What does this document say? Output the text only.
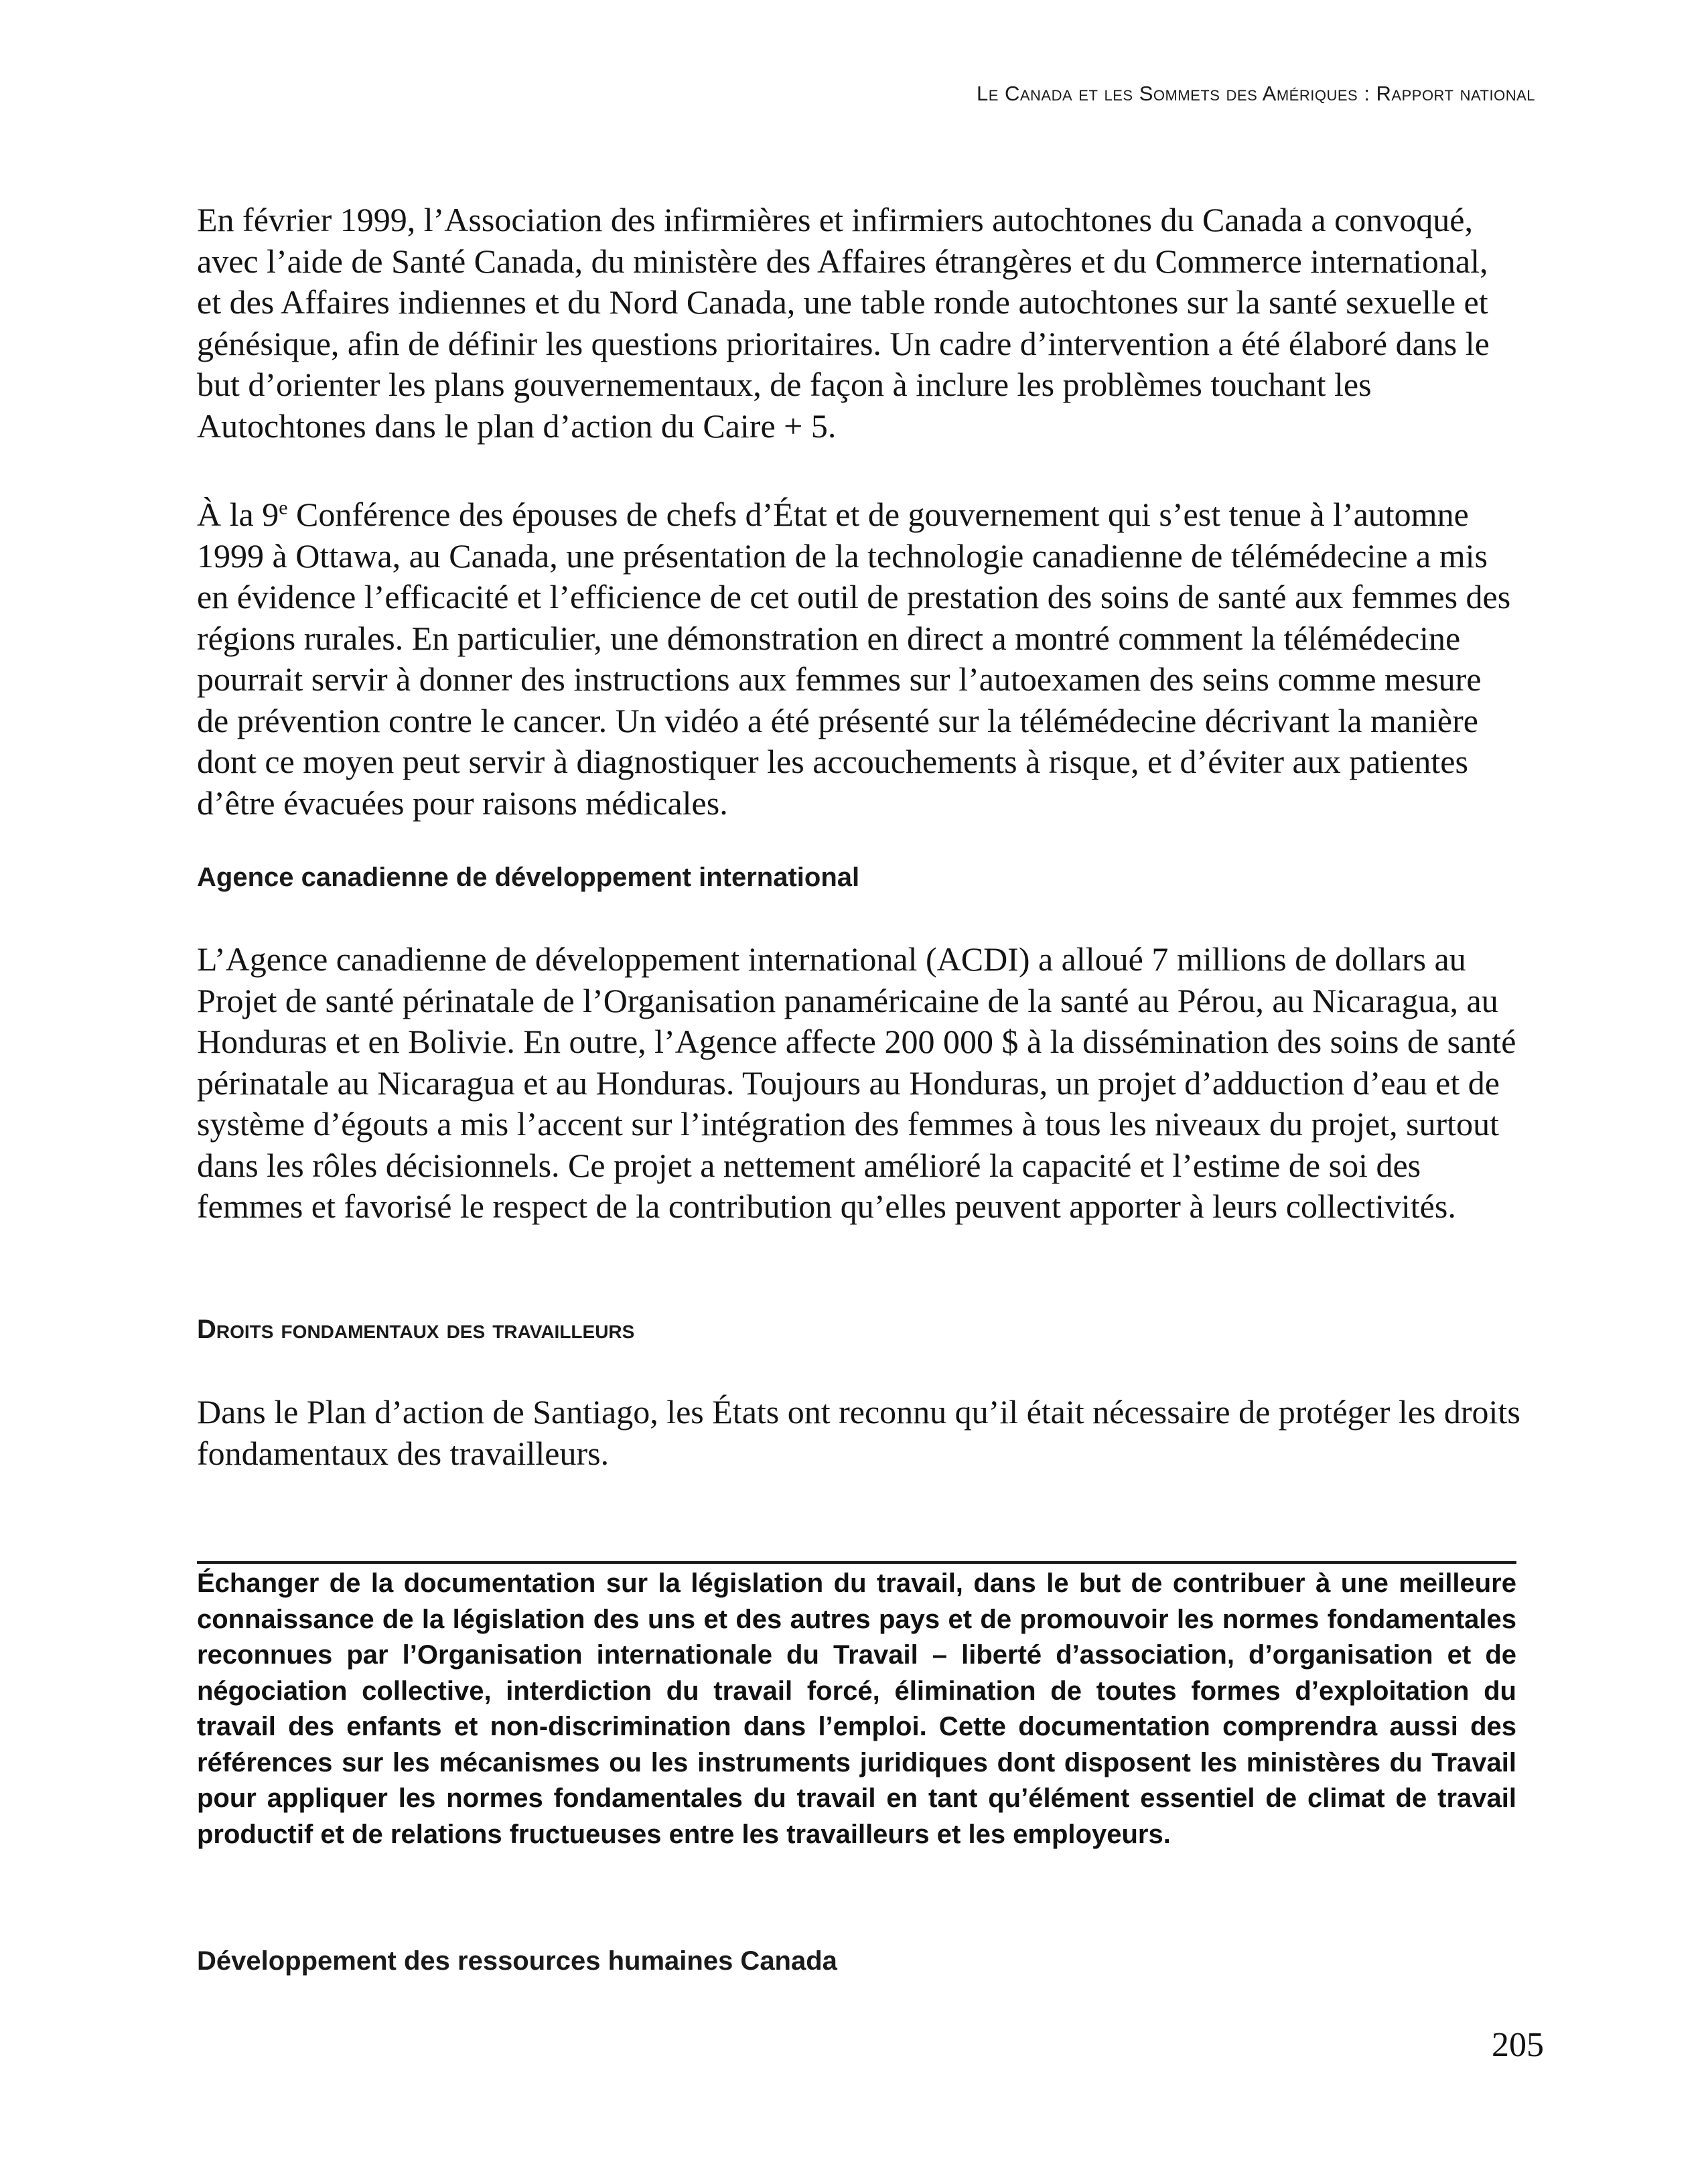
Le Canada et les Sommets des Amériques : Rapport national

En février 1999, l’Association des infirmières et infirmiers autochtones du Canada a convoqué, avec l’aide de Santé Canada, du ministère des Affaires étrangères et du Commerce international, et des Affaires indiennes et du Nord Canada, une table ronde autochtones sur la santé sexuelle et génésique, afin de définir les questions prioritaires. Un cadre d’intervention a été élaboré dans le but d’orienter les plans gouvernementaux, de façon à inclure les problèmes touchant les Autochtones dans le plan d’action du Caire + 5.

À la 9e Conférence des épouses de chefs d’État et de gouvernement qui s’est tenue à l’automne 1999 à Ottawa, au Canada, une présentation de la technologie canadienne de télémédecine a mis en évidence l’efficacité et l’efficience de cet outil de prestation des soins de santé aux femmes des régions rurales. En particulier, une démonstration en direct a montré comment la télémédecine pourrait servir à donner des instructions aux femmes sur l’autoexamen des seins comme mesure de prévention contre le cancer. Un vidéo a été présenté sur la télémédecine décrivant la manière dont ce moyen peut servir à diagnostiquer les accouchements à risque, et d’éviter aux patientes d’être évacuées pour raisons médicales.

Agence canadienne de développement international

L’Agence canadienne de développement international (ACDI) a alloué 7 millions de dollars au Projet de santé périnatale de l’Organisation panaméricaine de la santé au Pérou, au Nicaragua, au Honduras et en Bolivie. En outre, l’Agence affecte 200 000 $ à la dissémination des soins de santé périnatale au Nicaragua et au Honduras. Toujours au Honduras, un projet d’adduction d’eau et de système d’égouts a mis l’accent sur l’intégration des femmes à tous les niveaux du projet, surtout dans les rôles décisionnels. Ce projet a nettement amélioré la capacité et l’estime de soi des femmes et favorisé le respect de la contribution qu’elles peuvent apporter à leurs collectivités.

Droits fondamentaux des travailleurs

Dans le Plan d’action de Santiago, les États ont reconnu qu’il était nécessaire de protéger les droits fondamentaux des travailleurs.

Échanger de la documentation sur la législation du travail, dans le but de contribuer à une meilleure connaissance de la législation des uns et des autres pays et de promouvoir les normes fondamentales reconnues par l’Organisation internationale du Travail – liberté d’association, d’organisation et de négociation collective, interdiction du travail forcé, élimination de toutes formes d’exploitation du travail des enfants et non-discrimination dans l’emploi. Cette documentation comprendra aussi des références sur les mécanismes ou les instruments juridiques dont disposent les ministères du Travail pour appliquer les normes fondamentales du travail en tant qu’élément essentiel de climat de travail productif et de relations fructueuses entre les travailleurs et les employeurs.

Développement des ressources humaines Canada
205
